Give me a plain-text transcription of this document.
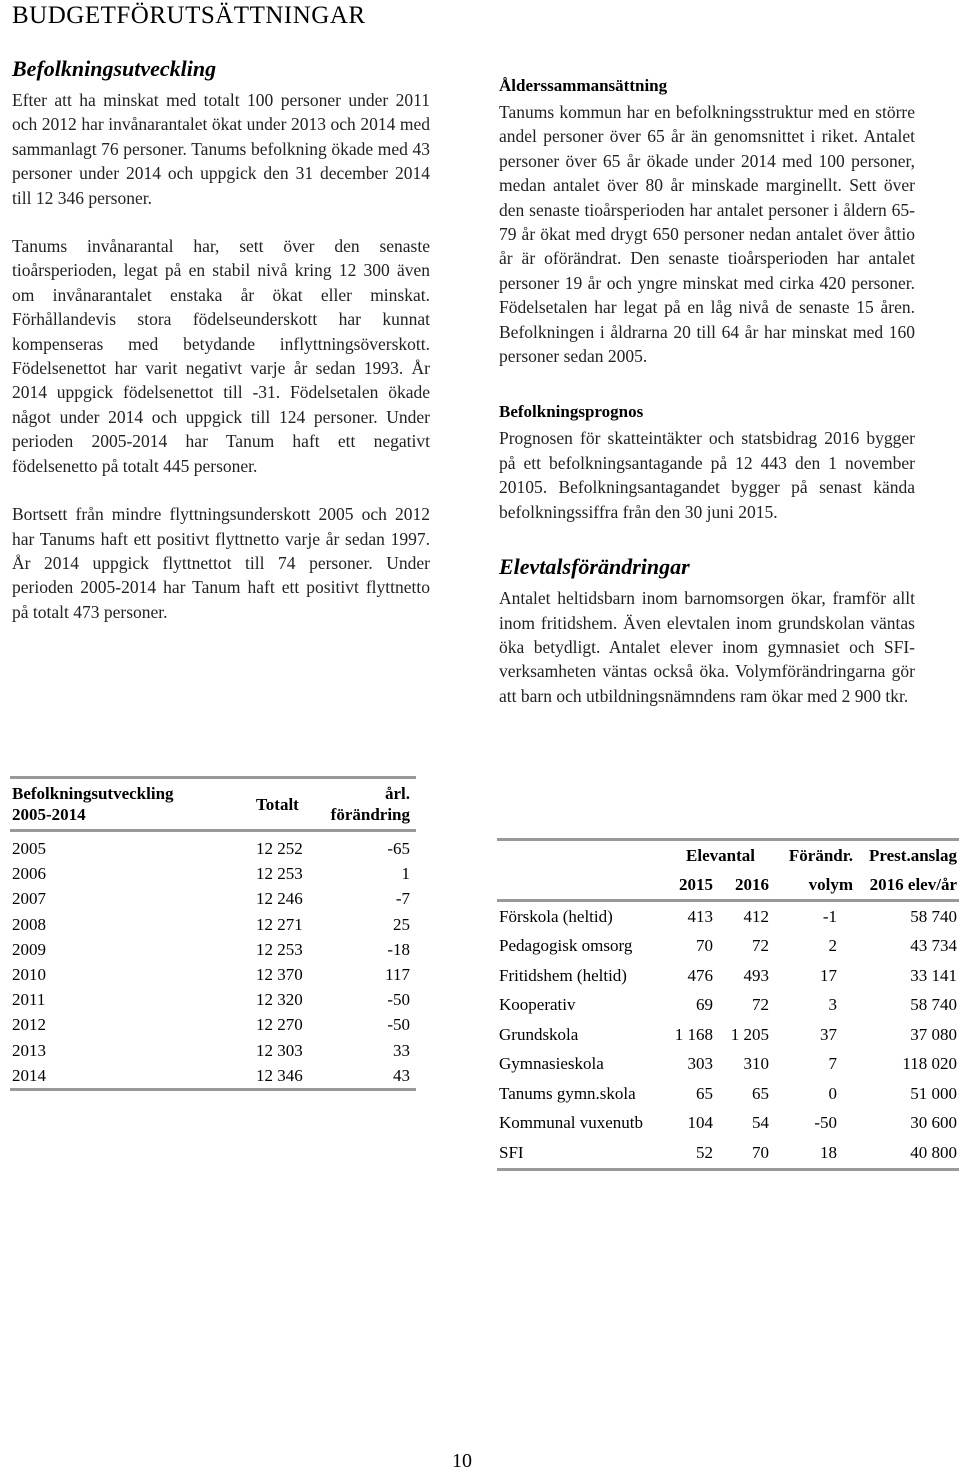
BUDGETFÖRUTSÄTTNINGAR
Befolkningsutveckling

Efter att ha minskat med totalt 100 personer under 2011 och 2012 har invånarantalet ökat under 2013 och 2014 med sammanlagt 76 personer. Tanums befolkning ökade med 43 personer under 2014 och uppgick den 31 december 2014 till 12 346 personer.

Tanums invånarantal har, sett över den senaste tioårsperioden, legat på en stabil nivå kring 12 300 även om invånarantalet enstaka år ökat eller minskat. Förhållandevis stora födelseunderskott har kunnat kompenseras med betydande inflyttningsöverskott. Födelsenettot har varit negativt varje år sedan 1993. År 2014 uppgick födelsenettot till -31. Födelsetalen ökade något under 2014 och uppgick till 124 personer. Under perioden 2005-2014 har Tanum haft ett negativt födelsenetto på totalt 445 personer.

Bortsett från mindre flyttningsunderskott 2005 och 2012 har Tanums haft ett positivt flyttnetto varje år sedan 1997. År 2014 uppgick flyttnettot till 74 personer. Under perioden 2005-2014 har Tanum haft ett positivt flyttnetto på totalt 473 personer.

Befolkningsutveckling
2005-2014	Totalt	årl.
förändring
2005	12 252	-65
2006	12 253	1
2007	12 246	-7
2008	12 271	25
2009	12 253	-18
2010	12 370	117
2011	12 320	-50
2012	12 270	-50
2013	12 303	33
2014	12 346	43
Ålderssammansättning

Tanums kommun har en befolkningsstruktur med en större andel personer över 65 år än genomsnittet i riket. Antalet personer över 65 år ökade under 2014 med 100 personer, medan antalet över 80 år minskade marginellt. Sett över den senaste tioårsperioden har antalet personer i åldern 65-79 år ökat med drygt 650 personer nedan antalet över åttio år är oförändrat. Den senaste tioårsperioden har antalet personer 19 år och yngre minskat med cirka 420 personer. Födelsetalen har legat på en låg nivå de senaste 15 åren. Befolkningen i åldrarna 20 till 64 år har minskat med 160 personer sedan 2005.

Befolkningsprognos

Prognosen för skatteintäkter och statsbidrag 2016 bygger på ett befolkningsantagande på 12 443 den 1 november 20105. Befolkningsantagandet bygger på senast kända befolkningssiffra från den 30 juni 2015.

Elevtalsförändringar

Antalet heltidsbarn inom barnomsorgen ökar, framför allt inom fritidshem. Även elevtalen inom grundskolan väntas öka betydligt. Antalet elever inom gymnasiet och SFI-verksamheten väntas också öka. Volymförändringarna gör att barn och utbildningsnämndens ram ökar med 2 900 tkr.

	Elevantal		Förändr.	Prest.anslag
	2015	2016	volym	2016 elev/år
Förskola (heltid)	413	412	-1	58 740
Pedagogisk omsorg	70	72	2	43 734
Fritidshem (heltid)	476	493	17	33 141
Kooperativ	69	72	3	58 740
Grundskola	1 168	1 205	37	37 080
Gymnasieskola	303	310	7	118 020
Tanums gymn.skola	65	65	0	51 000
Kommunal vuxenutb	104	54	-50	30 600
SFI	52	70	18	40 800
10
